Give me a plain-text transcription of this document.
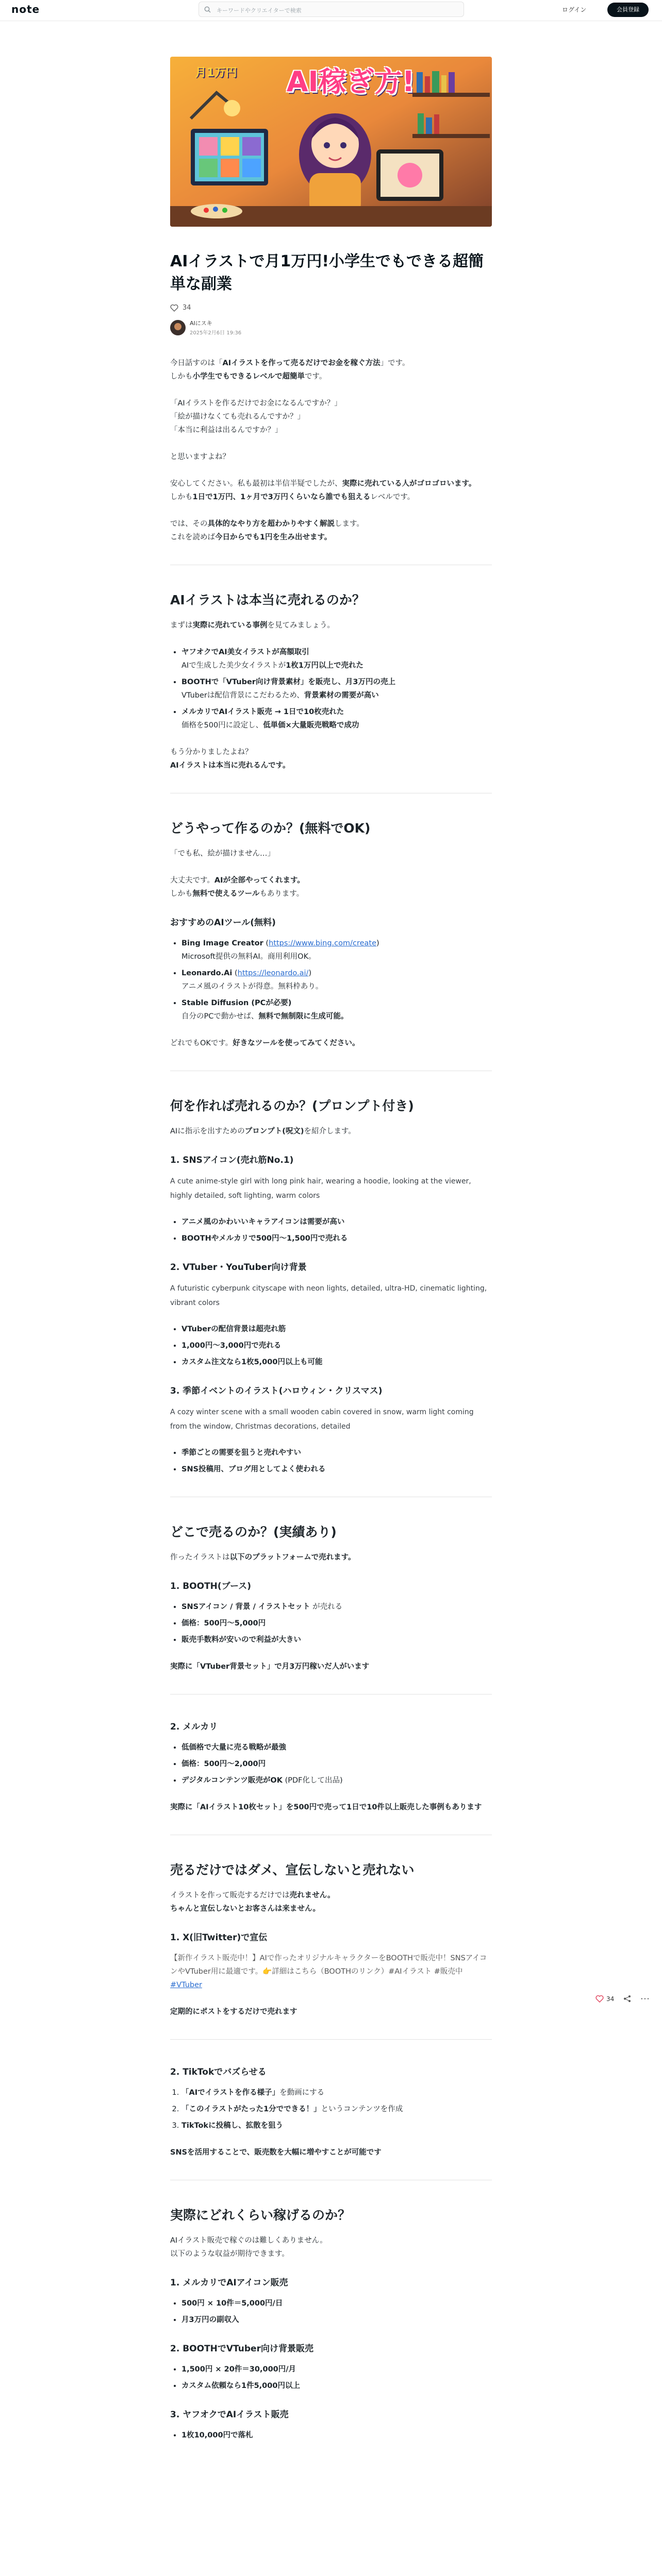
note	キーワードやクリエイターで検索	ログイン	会員登録
AI稼ぎ方!
月1万円
AIイラストで月1万円!小学生でもできる超簡単な副業
34
AIにスキ
2025年2月6日 19:36
今日話すのは「AIイラストを作って売るだけでお金を稼ぐ方法」です。
しかも小学生でもできるレベルで超簡単です。
「AIイラストを作るだけでお金になるんですか？」
「絵が描けなくても売れるんですか？」
「本当に利益は出るんですか？」
と思いますよね？
安心してください。私も最初は半信半疑でしたが、実際に売れている人がゴロゴロいます。
しかも1日で1万円、1ヶ月で3万円くらいなら誰でも狙えるレベルです。
では、その具体的なやり方を超わかりやすく解説します。
これを読めば今日からでも1円を生み出せます。
AIイラストは本当に売れるのか？
まずは実際に売れている事例を見てみましょう。
• ヤフオクでAI美女イラストが高額取引
AIで生成した美少女イラストが1枚1万円以上で売れた
• BOOTHで「VTuber向け背景素材」を販売し、月3万円の売上
VTuberは配信背景にこだわるため、背景素材の需要が高い
• メルカリでAIイラスト販売 → 1日で10枚売れた
価格を500円に設定し、低単価×大量販売戦略で成功
もう分かりましたよね？
AIイラストは本当に売れるんです。
どうやって作るのか？(無料でOK)
「でも私、絵が描けません…」
大丈夫です。AIが全部やってくれます。
しかも無料で使えるツールもあります。
おすすめのAIツール(無料)
• Bing Image Creator (https://www.bing.com/create)
Microsoft提供の無料AI。商用利用OK。
• Leonardo.Ai (https://leonardo.ai/)
アニメ風のイラストが得意。無料枠あり。
• Stable Diffusion (PCが必要)
自分のPCで動かせば、無料で無制限に生成可能。
どれでもOKです。好きなツールを使ってみてください。
何を作れば売れるのか？(プロンプト付き)
AIに指示を出すためのプロンプト(呪文)を紹介します。
1. SNSアイコン(売れ筋No.1)
A cute anime-style girl with long pink hair, wearing a hoodie, looking at the viewer, highly detailed, soft lighting, warm colors
• アニメ風のかわいいキャラアイコンは需要が高い
• BOOTHやメルカリで500円〜1,500円で売れる
2. VTuber・YouTuber向け背景
A futuristic cyberpunk cityscape with neon lights, detailed, ultra-HD, cinematic lighting, vibrant colors
• VTuberの配信背景は超売れ筋
• 1,000円〜3,000円で売れる
• カスタム注文なら1枚5,000円以上も可能
3. 季節イベントのイラスト(ハロウィン・クリスマス)
A cozy winter scene with a small wooden cabin covered in snow, warm light coming from the window, Christmas decorations, detailed
• 季節ごとの需要を狙うと売れやすい
• SNS投稿用、ブログ用としてよく使われる
どこで売るのか？(実績あり)
作ったイラストは以下のプラットフォームで売れます。
1. BOOTH(ブース)
• SNSアイコン / 背景 / イラストセット が売れる
• 価格：500円〜5,000円
• 販売手数料が安いので利益が大きい
実際に「VTuber背景セット」で月3万円稼いだ人がいます
2. メルカリ
• 低価格で大量に売る戦略が最強
• 価格：500円〜2,000円
• デジタルコンテンツ販売がOK (PDF化して出品)
実際に「AIイラスト10枚セット」を500円で売って1日で10件以上販売した事例もあります
売るだけではダメ、宣伝しないと売れない
イラストを作って販売するだけでは売れません。
ちゃんと宣伝しないとお客さんは来ません。
1. X(旧Twitter)で宣伝
【新作イラスト販売中！】AIで作ったオリジナルキャラクターをBOOTHで販売中！SNSアイコンやVTuber用に最適です。👉詳細はこちら（BOOTHのリンク）#AIイラスト #販売中 #VTuber
定期的にポストをするだけで売れます
2. TikTokでバズらせる
1. 「AIでイラストを作る様子」を動画にする
2. 「このイラストがたった1分でできる！」というコンテンツを作成
3. TikTokに投稿し、拡散を狙う
SNSを活用することで、販売数を大幅に増やすことが可能です
実際にどれくらい稼げるのか？
AIイラスト販売で稼ぐのは難しくありません。
以下のような収益が期待できます。
1. メルカリでAIアイコン販売
• 500円 × 10件＝5,000円/日
• 月3万円の副収入
2. BOOTHでVTuber向け背景販売
• 1,500円 × 20件＝30,000円/月
• カスタム依頼なら1件5,000円以上
3. ヤフオクでAIイラスト販売
• 1枚10,000円で落札
34	···
